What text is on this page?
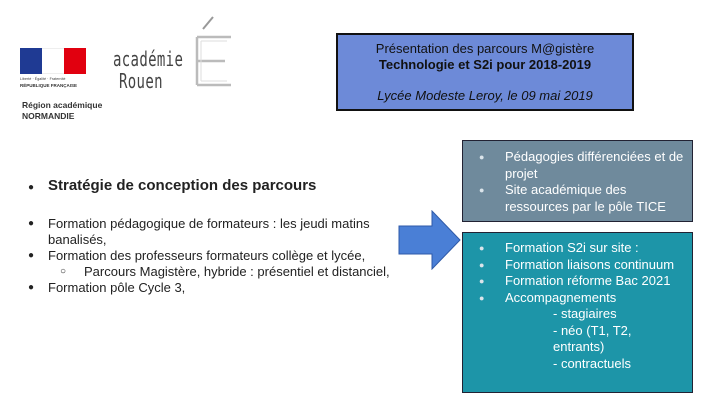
Liberté · Égalité · Fraternité
RÉPUBLIQUE FRANÇAISE
Région académique
NORMANDIE
académie
Rouen
Présentation des parcours M@gistère
Technologie et S2i pour 2018-2019
Lycée Modeste Leroy, le 09 mai 2019
● Stratégie de conception des parcours
● Formation pédagogique de formateurs : les jeudi matins banalisés,
● Formation des professeurs formateurs collège et lycée,
○ Parcours Magistère, hybride : présentiel et distanciel,
● Formation pôle Cycle 3,
● Pédagogies différenciées et de projet
● Site académique des ressources par le pôle TICE
● Formation S2i sur site :
● Formation liaisons continuum
● Formation réforme Bac 2021
● Accompagnements
- stagiaires
- néo (T1, T2, entrants)
- contractuels
